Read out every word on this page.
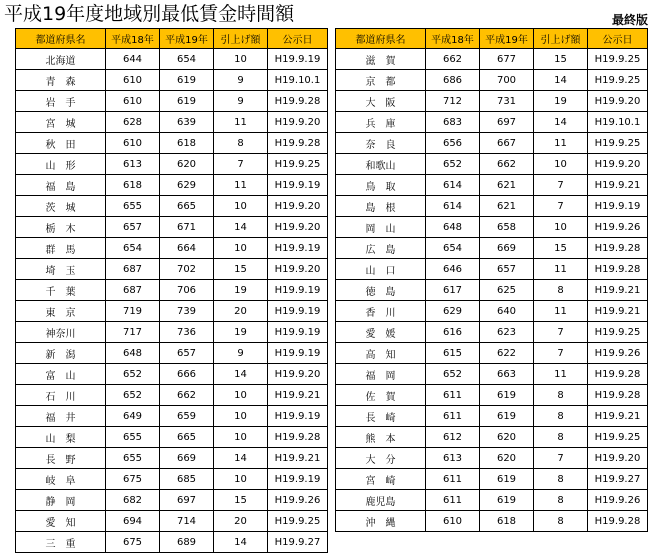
平成19年度地域別最低賃金時間額	最終版
都道府県名	平成18年	平成19年	引上げ額	公示日
北海道	644	654	10	H19.9.19
青　森	610	619	9	H19.10.1
岩　手	610	619	9	H19.9.28
宮　城	628	639	11	H19.9.20
秋　田	610	618	8	H19.9.28
山　形	613	620	7	H19.9.25
福　島	618	629	11	H19.9.19
茨　城	655	665	10	H19.9.20
栃　木	657	671	14	H19.9.20
群　馬	654	664	10	H19.9.19
埼　玉	687	702	15	H19.9.20
千　葉	687	706	19	H19.9.19
東　京	719	739	20	H19.9.19
神奈川	717	736	19	H19.9.19
新　潟	648	657	9	H19.9.19
富　山	652	666	14	H19.9.20
石　川	652	662	10	H19.9.21
福　井	649	659	10	H19.9.19
山　梨	655	665	10	H19.9.28
長　野	655	669	14	H19.9.21
岐　阜	675	685	10	H19.9.19
静　岡	682	697	15	H19.9.26
愛　知	694	714	20	H19.9.25
三　重	675	689	14	H19.9.27
都道府県名	平成18年	平成19年	引上げ額	公示日
滋　賀	662	677	15	H19.9.25
京　都	686	700	14	H19.9.25
大　阪	712	731	19	H19.9.20
兵　庫	683	697	14	H19.10.1
奈　良	656	667	11	H19.9.25
和歌山	652	662	10	H19.9.20
鳥　取	614	621	7	H19.9.21
島　根	614	621	7	H19.9.19
岡　山	648	658	10	H19.9.26
広　島	654	669	15	H19.9.28
山　口	646	657	11	H19.9.28
徳　島	617	625	8	H19.9.21
香　川	629	640	11	H19.9.21
愛　媛	616	623	7	H19.9.25
高　知	615	622	7	H19.9.26
福　岡	652	663	11	H19.9.28
佐　賀	611	619	8	H19.9.28
長　崎	611	619	8	H19.9.21
熊　本	612	620	8	H19.9.25
大　分	613	620	7	H19.9.20
宮　崎	611	619	8	H19.9.27
鹿児島	611	619	8	H19.9.26
沖　縄	610	618	8	H19.9.28
